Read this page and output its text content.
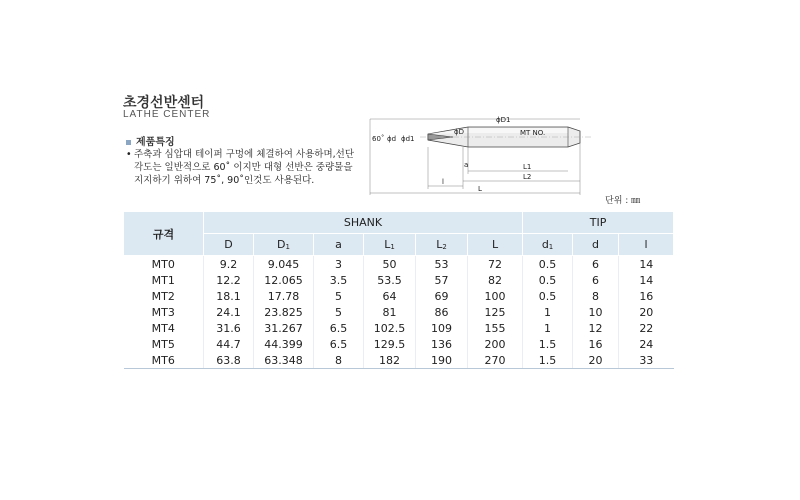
초경선반센터
LATHE CENTER
제품특징
• 주축과 심압대 테이퍼 구멍에 체결하여 사용하며,선단
각도는 일반적으로 60˚ 이지만 대형 선반은 중량물을
지지하기 위하여 75˚, 90˚인것도 사용된다.
60˚ ϕd ϕd1
ϕD1
ϕD	MT NO.
l
a	L1
L2
L
단위 : ㎜
규격	SHANK						TIP		
	D	$D_1$	a	$L_1$	$L_2$	L	$d_1$	d	l
MT0	9.2	9.045	3	50	53	72	0.5	6	14
MT1	12.2	12.065	3.5	53.5	57	82	0.5	6	14
MT2	18.1	17.78	5	64	69	100	0.5	8	16
MT3	24.1	23.825	5	81	86	125	1	10	20
MT4	31.6	31.267	6.5	102.5	109	155	1	12	22
MT5	44.7	44.399	6.5	129.5	136	200	1.5	16	24
MT6	63.8	63.348	8	182	190	270	1.5	20	33
